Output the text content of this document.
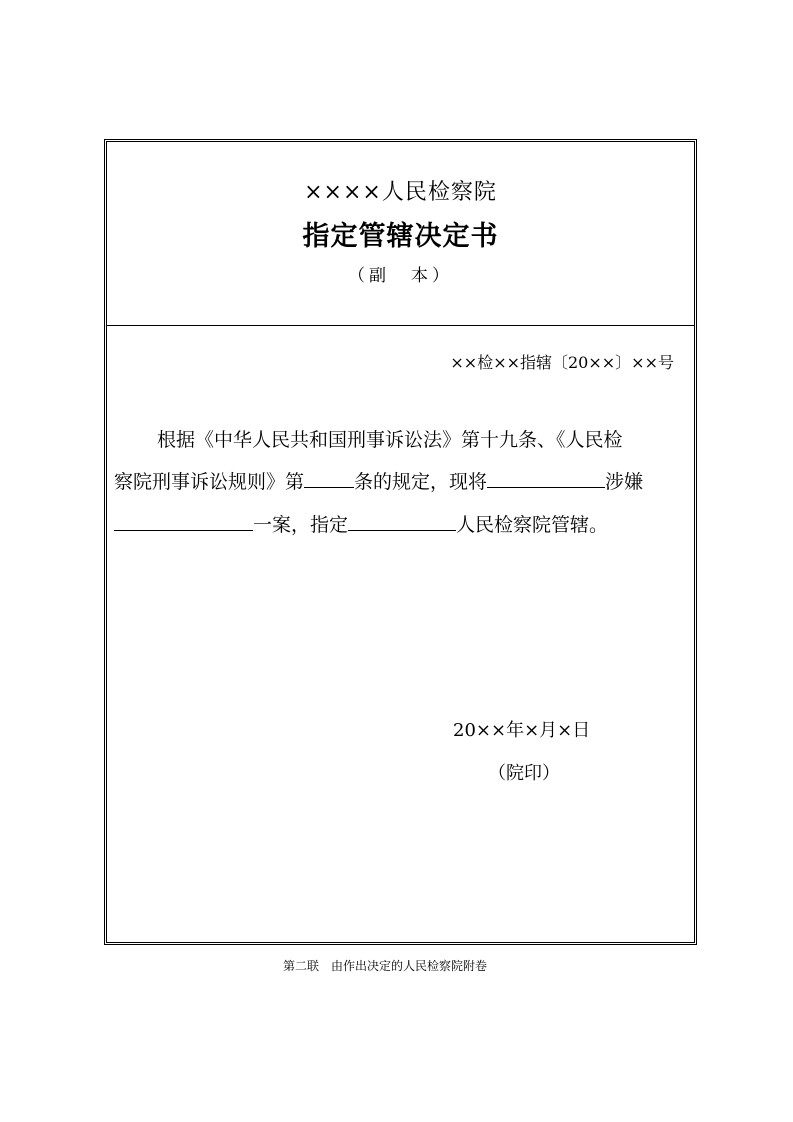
××××人民检察院
指定管辖决定书
（副　本）
××检××指辖〔20××〕××号
根据《中华人民共和国刑事诉讼法》第十九条、《人民检
察院刑事诉讼规则》第	条的规定，现将	涉嫌
一案，指定	人民检察院管辖。
20××年×月×日
（院印）
第二联　由作出决定的人民检察院附卷
